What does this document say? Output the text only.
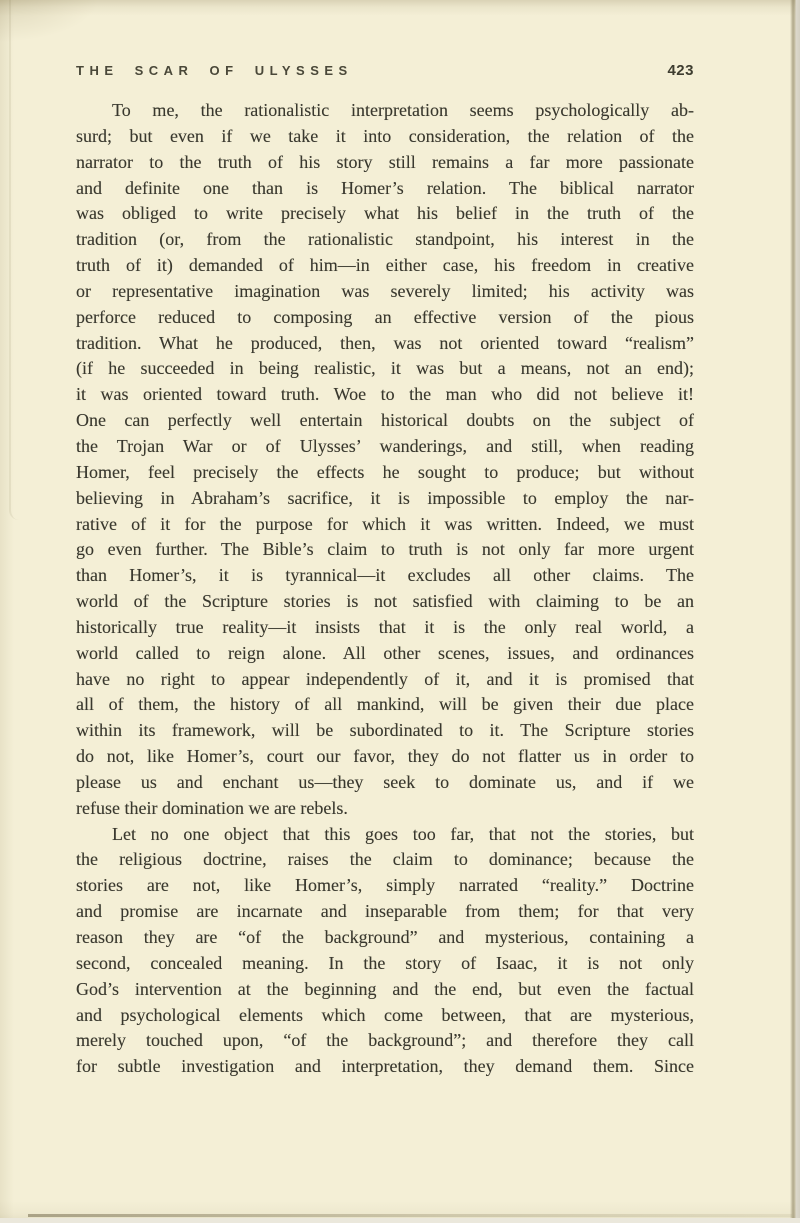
THE SCAR OF ULYSSES	423
To me, the rationalistic interpretation seems psychologically ab-
surd; but even if we take it into consideration, the relation of the
narrator to the truth of his story still remains a far more passionate
and definite one than is Homer’s relation. The biblical narrator
was obliged to write precisely what his belief in the truth of the
tradition (or, from the rationalistic standpoint, his interest in the
truth of it) demanded of him—in either case, his freedom in creative
or representative imagination was severely limited; his activity was
perforce reduced to composing an effective version of the pious
tradition. What he produced, then, was not oriented toward “realism”
(if he succeeded in being realistic, it was but a means, not an end);
it was oriented toward truth. Woe to the man who did not believe it!
One can perfectly well entertain historical doubts on the subject of
the Trojan War or of Ulysses’ wanderings, and still, when reading
Homer, feel precisely the effects he sought to produce; but without
believing in Abraham’s sacrifice, it is impossible to employ the nar-
rative of it for the purpose for which it was written. Indeed, we must
go even further. The Bible’s claim to truth is not only far more urgent
than Homer’s, it is tyrannical—it excludes all other claims. The
world of the Scripture stories is not satisfied with claiming to be an
historically true reality—it insists that it is the only real world, a
world called to reign alone. All other scenes, issues, and ordinances
have no right to appear independently of it, and it is promised that
all of them, the history of all mankind, will be given their due place
within its framework, will be subordinated to it. The Scripture stories
do not, like Homer’s, court our favor, they do not flatter us in order to
please us and enchant us—they seek to dominate us, and if we
refuse their domination we are rebels.
Let no one object that this goes too far, that not the stories, but
the religious doctrine, raises the claim to dominance; because the
stories are not, like Homer’s, simply narrated “reality.” Doctrine
and promise are incarnate and inseparable from them; for that very
reason they are “of the background” and mysterious, containing a
second, concealed meaning. In the story of Isaac, it is not only
God’s intervention at the beginning and the end, but even the factual
and psychological elements which come between, that are mysterious,
merely touched upon, “of the background”; and therefore they call
for subtle investigation and interpretation, they demand them. Since
